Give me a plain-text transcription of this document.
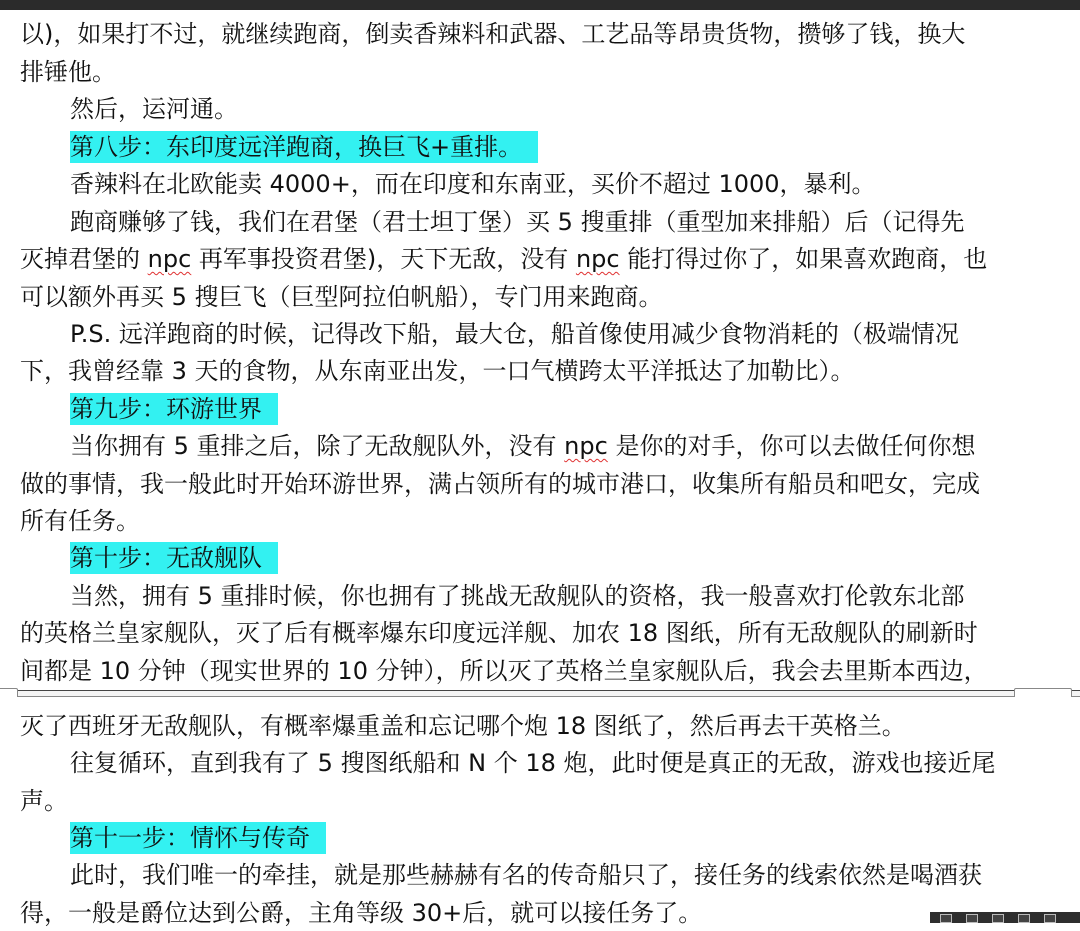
以)，如果打不过，就继续跑商，倒卖香辣料和武器、工艺品等昂贵货物，攒够了钱，换大
排锤他。
然后，运河通。
第八步：东印度远洋跑商，换巨飞+重排。
香辣料在北欧能卖 4000+，而在印度和东南亚，买价不超过 1000，暴利。
跑商赚够了钱，我们在君堡（君士坦丁堡）买 5 搜重排（重型加来排船）后（记得先
灭掉君堡的 npc 再军事投资君堡)，天下无敌，没有 npc 能打得过你了，如果喜欢跑商，也
可以额外再买 5 搜巨飞（巨型阿拉伯帆船），专门用来跑商。
P.S. 远洋跑商的时候，记得改下船，最大仓，船首像使用减少食物消耗的（极端情况
下，我曾经靠 3 天的食物，从东南亚出发，一口气横跨太平洋抵达了加勒比）。
第九步：环游世界
当你拥有 5 重排之后，除了无敌舰队外，没有 npc 是你的对手，你可以去做任何你想
做的事情，我一般此时开始环游世界，满占领所有的城市港口，收集所有船员和吧女，完成
所有任务。
第十步：无敌舰队
当然，拥有 5 重排时候，你也拥有了挑战无敌舰队的资格，我一般喜欢打伦敦东北部
的英格兰皇家舰队，灭了后有概率爆东印度远洋舰、加农 18 图纸，所有无敌舰队的刷新时
间都是 10 分钟（现实世界的 10 分钟），所以灭了英格兰皇家舰队后，我会去里斯本西边，
灭了西班牙无敌舰队，有概率爆重盖和忘记哪个炮 18 图纸了，然后再去干英格兰。
往复循环，直到我有了 5 搜图纸船和 N 个 18 炮，此时便是真正的无敌，游戏也接近尾
声。
第十一步：情怀与传奇
此时，我们唯一的牵挂，就是那些赫赫有名的传奇船只了，接任务的线索依然是喝酒获
得，一般是爵位达到公爵，主角等级 30+后，就可以接任务了。
